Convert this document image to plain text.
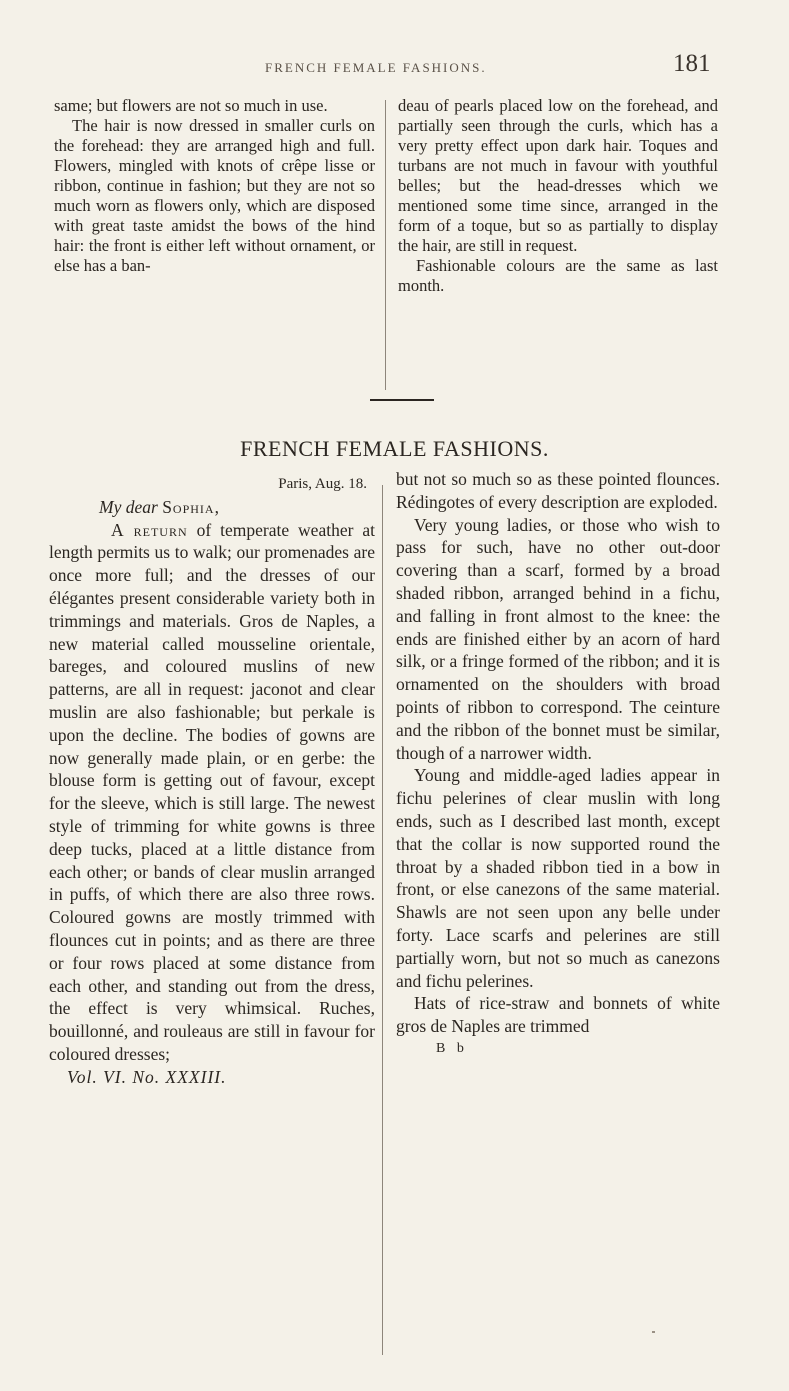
FRENCH FEMALE FASHIONS.	181

same; but flowers are not so much in use.

The hair is now dressed in smaller curls on the forehead: they are arranged high and full. Flowers, mingled with knots of crêpe lisse or ribbon, continue in fashion; but they are not so much worn as flowers only, which are disposed with great taste amidst the bows of the hind hair: the front is either left without ornament, or else has a ban-

deau of pearls placed low on the forehead, and partially seen through the curls, which has a very pretty effect upon dark hair. Toques and turbans are not much in favour with youthful belles; but the head-dresses which we mentioned some time since, arranged in the form of a toque, but so as partially to display the hair, are still in request.

Fashionable colours are the same as last month.

FRENCH FEMALE FASHIONS.

Paris, Aug. 18.

My dear Sophia,

A return of temperate weather at length permits us to walk; our promenades are once more full; and the dresses of our élégantes present considerable variety both in trimmings and materials. Gros de Naples, a new material called mousseline orientale, bareges, and coloured muslins of new patterns, are all in request: jaconot and clear muslin are also fashionable; but perkale is upon the decline. The bodies of gowns are now generally made plain, or en gerbe: the blouse form is getting out of favour, except for the sleeve, which is still large. The newest style of trimming for white gowns is three deep tucks, placed at a little distance from each other; or bands of clear muslin arranged in puffs, of which there are also three rows. Coloured gowns are mostly trimmed with flounces cut in points; and as there are three or four rows placed at some distance from each other, and standing out from the dress, the effect is very whimsical. Ruches, bouillonné, and rouleaus are still in favour for coloured dresses;

Vol. VI. No. XXXIII.

but not so much so as these pointed flounces. Rédingotes of every description are exploded.

Very young ladies, or those who wish to pass for such, have no other out-door covering than a scarf, formed by a broad shaded ribbon, arranged behind in a fichu, and falling in front almost to the knee: the ends are finished either by an acorn of hard silk, or a fringe formed of the ribbon; and it is ornamented on the shoulders with broad points of ribbon to correspond. The ceinture and the ribbon of the bonnet must be similar, though of a narrower width.

Young and middle-aged ladies appear in fichu pelerines of clear muslin with long ends, such as I described last month, except that the collar is now supported round the throat by a shaded ribbon tied in a bow in front, or else canezons of the same material. Shawls are not seen upon any belle under forty. Lace scarfs and pelerines are still partially worn, but not so much as canezons and fichu pelerines.

Hats of rice-straw and bonnets of white gros de Naples are trimmed

B b
